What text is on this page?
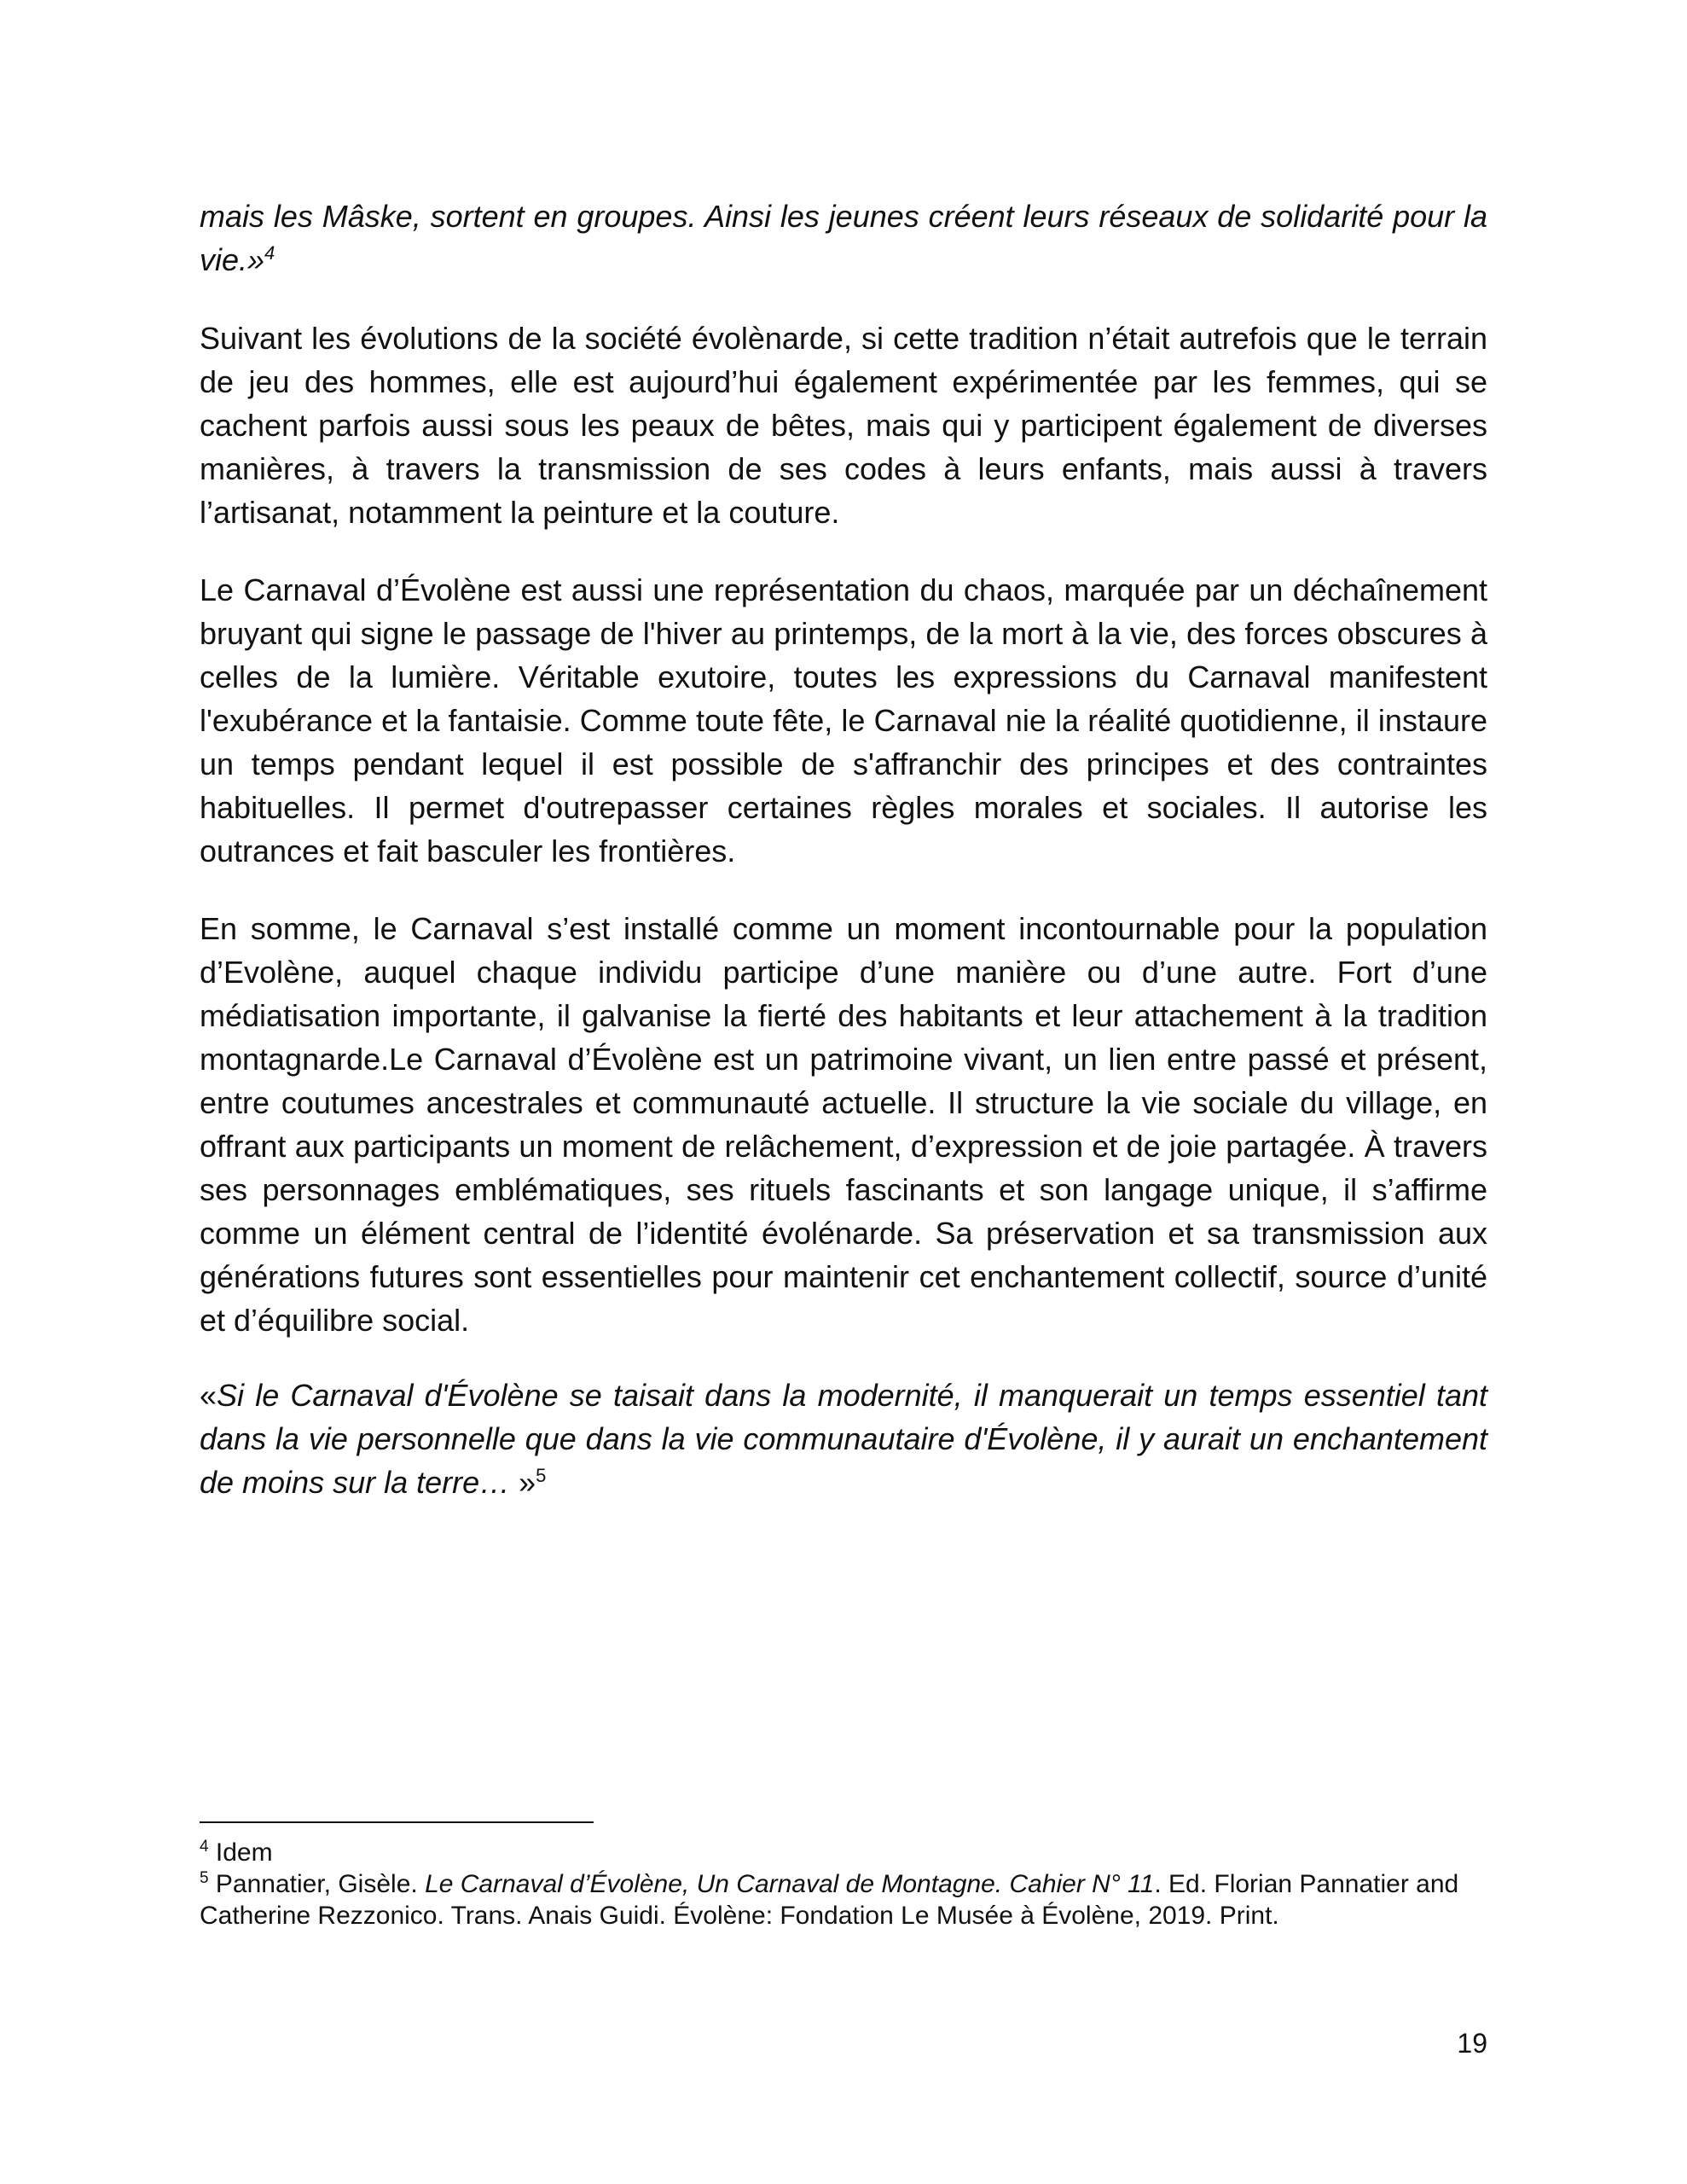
mais les Mâske, sortent en groupes. Ainsi les jeunes créent leurs réseaux de solidarité pour la vie.»$^4$

Suivant les évolutions de la société évolènarde, si cette tradition n’était autrefois que le terrain de jeu des hommes, elle est aujourd’hui également expérimentée par les femmes, qui se cachent parfois aussi sous les peaux de bêtes, mais qui y participent également de diverses manières, à travers la transmission de ses codes à leurs enfants, mais aussi à travers l’artisanat, notamment la peinture et la couture.

Le Carnaval d’Évolène est aussi une représentation du chaos, marquée par un déchaînement bruyant qui signe le passage de l'hiver au printemps, de la mort à la vie, des forces obscures à celles de la lumière. Véritable exutoire, toutes les expressions du Carnaval manifestent l'exubérance et la fantaisie. Comme toute fête, le Carnaval nie la réalité quotidienne, il instaure un temps pendant lequel il est possible de s'affranchir des principes et des contraintes habituelles. Il permet d'outrepasser certaines règles morales et sociales. Il autorise les outrances et fait basculer les frontières.

En somme, le Carnaval s’est installé comme un moment incontournable pour la population d’Evolène, auquel chaque individu participe d’une manière ou d’une autre. Fort d’une médiatisation importante, il galvanise la fierté des habitants et leur attachement à la tradition montagnarde.Le Carnaval d’Évolène est un patrimoine vivant, un lien entre passé et présent, entre coutumes ancestrales et communauté actuelle. Il structure la vie sociale du village, en offrant aux participants un moment de relâchement, d’expression et de joie partagée. À travers ses personnages emblématiques, ses rituels fascinants et son langage unique, il s’affirme comme un élément central de l’identité évolénarde. Sa préservation et sa transmission aux générations futures sont essentielles pour maintenir cet enchantement collectif, source d’unité et d’équilibre social.

«Si le Carnaval d'Évolène se taisait dans la modernité, il manquerait un temps essentiel tant dans la vie personnelle que dans la vie communautaire d'Évolène, il y aurait un enchantement de moins sur la terre… »$^5$

$^4$ Idem

$^5$ Pannatier, Gisèle. Le Carnaval d’Évolène, Un Carnaval de Montagne. Cahier N° 11. Ed. Florian Pannatier and Catherine Rezzonico. Trans. Anais Guidi. Évolène: Fondation Le Musée à Évolène, 2019. Print.

19
